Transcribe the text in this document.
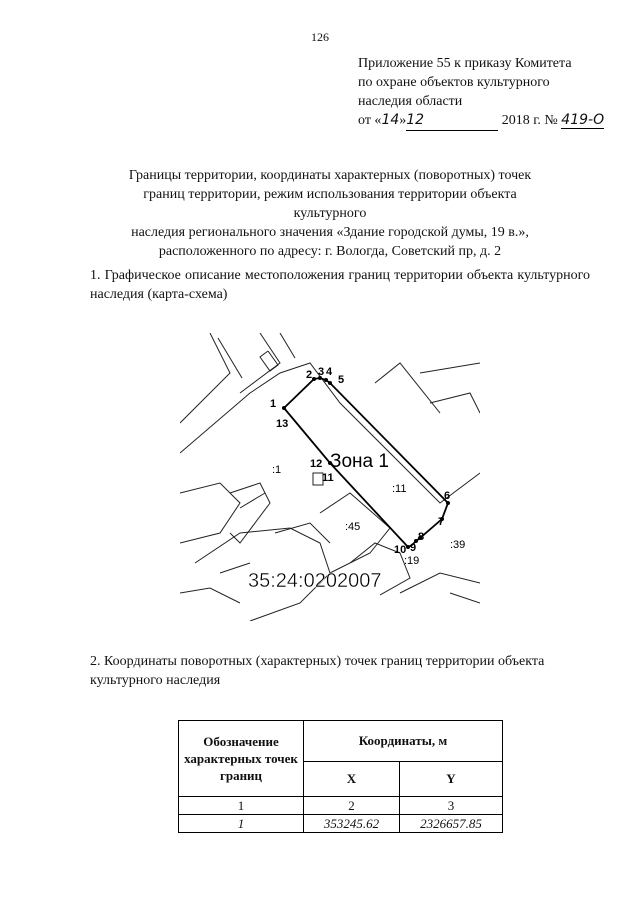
126
Приложение 55 к приказу Комитета
по охране объектов культурного
наследия области
от «14»12	2018 г. № 419-О
Границы территории, координаты характерных (поворотных) точек
границ территории, режим использования территории объекта культурного
наследия регионального значения «Здание городской думы, 19 в.»,
расположенного по адресу: г. Вологда, Советский пр, д. 2
1. Графическое описание местоположения границ территории объекта культурного наследия (карта-схема)
1
13
2 3 4
5
12
11
6
7
8
9
10
Зона 1
:1
:11
:45
:19
:39
35:24:0202007
2. Координаты поворотных (характерных) точек границ территории объекта
культурного наследия
Обозначение характерных точек границ	Координаты, м	
	X	Y
1	2	3
1	353245.62	2326657.85
